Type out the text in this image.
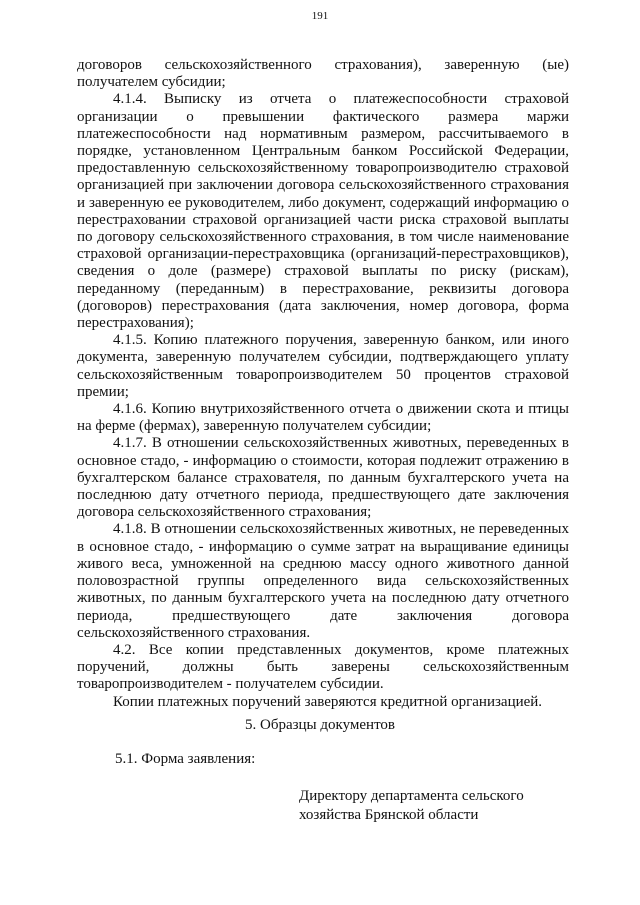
191

договоров сельскохозяйственного страхования), заверенную (ые) получателем субсидии;

4.1.4. Выписку из отчета о платежеспособности страховой организации о превышении фактического размера маржи платежеспособности над нормативным размером, рассчитываемого в порядке, установленном Центральным банком Российской Федерации, предоставленную сельскохозяйственному товаропроизводителю страховой организацией при заключении договора сельскохозяйственного страхования и заверенную ее руководителем, либо документ, содержащий информацию о перестраховании страховой организацией части риска страховой выплаты по договору сельскохозяйственного страхования, в том числе наименование страховой организации-перестраховщика (организаций-перестраховщиков), сведения о доле (размере) страховой выплаты по риску (рискам), переданному (переданным) в перестрахование, реквизиты договора (договоров) перестрахования (дата заключения, номер договора, форма перестрахования);

4.1.5. Копию платежного поручения, заверенную банком, или иного документа, заверенную получателем субсидии, подтверждающего уплату сельскохозяйственным товаропроизводителем 50 процентов страховой премии;

4.1.6. Копию внутрихозяйственного отчета о движении скота и птицы на ферме (фермах), заверенную получателем субсидии;

4.1.7. В отношении сельскохозяйственных животных, переведенных в основное стадо, - информацию о стоимости, которая подлежит отражению в бухгалтерском балансе страхователя, по данным бухгалтерского учета на последнюю дату отчетного периода, предшествующего дате заключения договора сельскохозяйственного страхования;

4.1.8. В отношении сельскохозяйственных животных, не переведенных в основное стадо, - информацию о сумме затрат на выращивание единицы живого веса, умноженной на среднюю массу одного животного данной половозрастной группы определенного вида сельскохозяйственных животных, по данным бухгалтерского учета на последнюю дату отчетного периода, предшествующего дате заключения договора сельскохозяйственного страхования.

4.2. Все копии представленных документов, кроме платежных поручений, должны быть заверены сельскохозяйственным товаропроизводителем - получателем субсидии.

Копии платежных поручений заверяются кредитной организацией.

5. Образцы документов
5.1. Форма заявления:
Директору департамента сельского
хозяйства Брянской области
